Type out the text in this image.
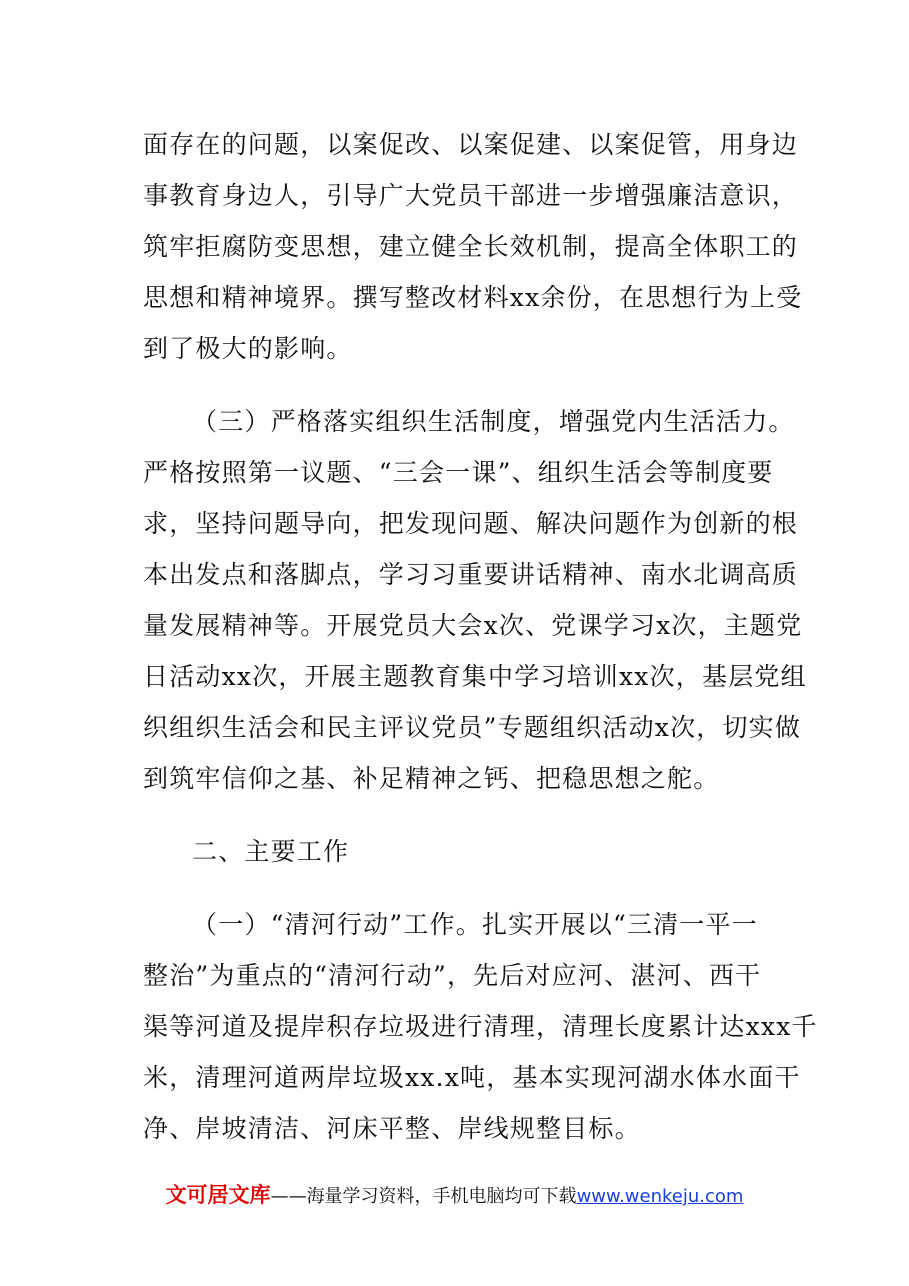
面存在的问题，以案促改、以案促建、以案促管，用身边
事教育身边人，引导广大党员干部进一步增强廉洁意识，
筑牢拒腐防变思想，建立健全长效机制，提高全体职工的
思想和精神境界。撰写整改材料xx余份，在思想行为上受
到了极大的影响。
（三）严格落实组织生活制度，增强党内生活活力。
严格按照第一议题、“三会一课”、组织生活会等制度要
求，坚持问题导向，把发现问题、解决问题作为创新的根
本出发点和落脚点，学习习重要讲话精神、南水北调高质
量发展精神等。开展党员大会x次、党课学习x次，主题党
日活动xx次，开展主题教育集中学习培训xx次，基层党组
织组织生活会和民主评议党员”专题组织活动x次，切实做
到筑牢信仰之基、补足精神之钙、把稳思想之舵。
二、主要工作
（一）“清河行动”工作。扎实开展以“三清一平一
整治”为重点的“清河行动”，先后对应河、湛河、西干
渠等河道及提岸积存垃圾进行清理，清理长度累计达xxx千
米，清理河道两岸垃圾xx.x吨，基本实现河湖水体水面干
净、岸坡清洁、河床平整、岸线规整目标。
文可居文库——海量学习资料，手机电脑均可下载www.wenkeju.com
